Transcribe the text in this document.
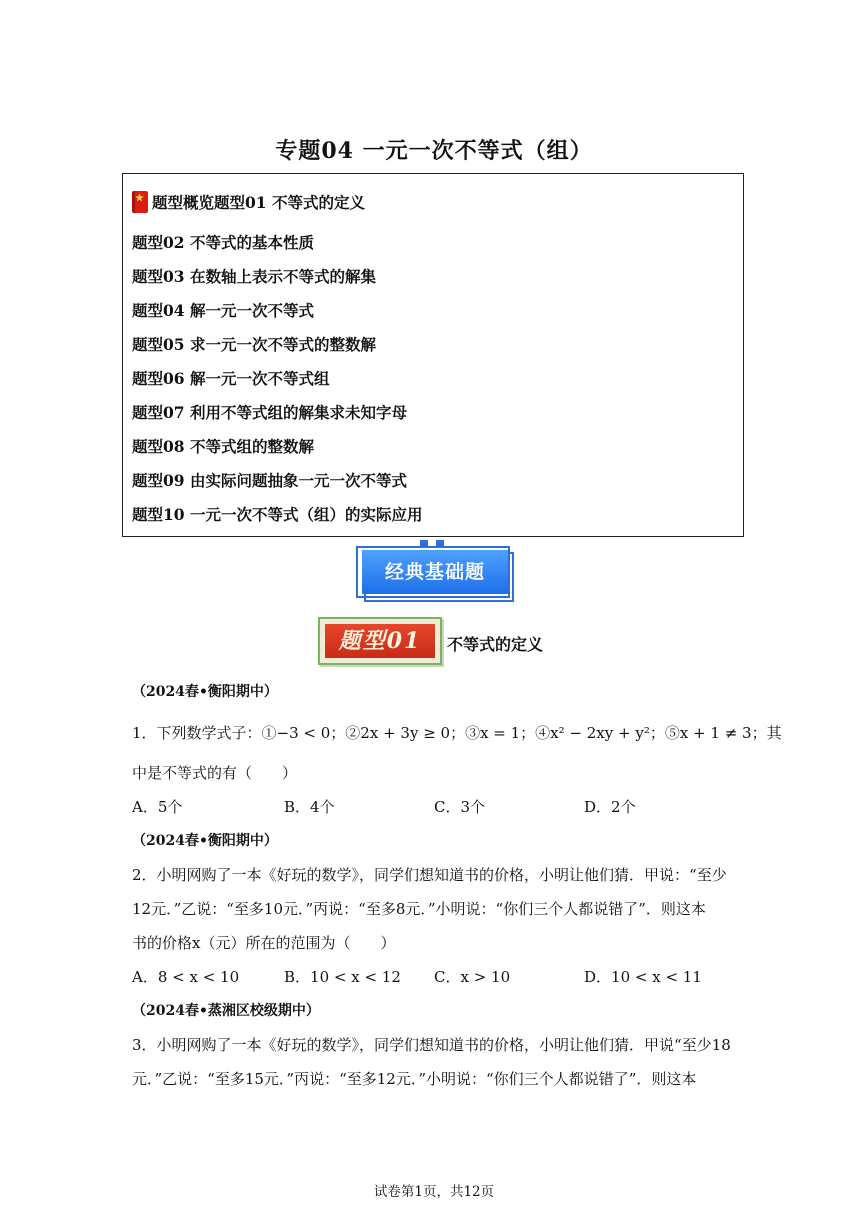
专题04 一元一次不等式（组）
★题型概览题型01 不等式的定义
题型02 不等式的基本性质
题型03 在数轴上表示不等式的解集
题型04 解一元一次不等式
题型05 求一元一次不等式的整数解
题型06 解一元一次不等式组
题型07 利用不等式组的解集求未知字母
题型08 不等式组的整数解
题型09 由实际问题抽象一元一次不等式
题型10 一元一次不等式（组）的实际应用
经典基础题
题型01	不等式的定义
（2024春•衡阳期中）
1．下列数学式子：①−3 < 0；②2x + 3y ≥ 0；③x = 1；④x² − 2xy + y²；⑤x + 1 ≠ 3；其
中是不等式的有（　　）
A．5个	B．4个	C．3个	D．2个
（2024春•衡阳期中）
2．小明网购了一本《好玩的数学》，同学们想知道书的价格，小明让他们猜．甲说：“至少
12元．”乙说：“至多10元．”丙说：“至多8元．”小明说：“你们三个人都说错了”．则这本
书的价格x（元）所在的范围为（　　）
A．8 < x < 10	B．10 < x < 12 C．x > 10	D．10 < x < 11
（2024春•蒸湘区校级期中）
3．小明网购了一本《好玩的数学》，同学们想知道书的价格，小明让他们猜．甲说“至少18
元．”乙说：“至多15元．”丙说：“至多12元．”小明说：“你们三个人都说错了”．则这本
试卷第1页，共12页
